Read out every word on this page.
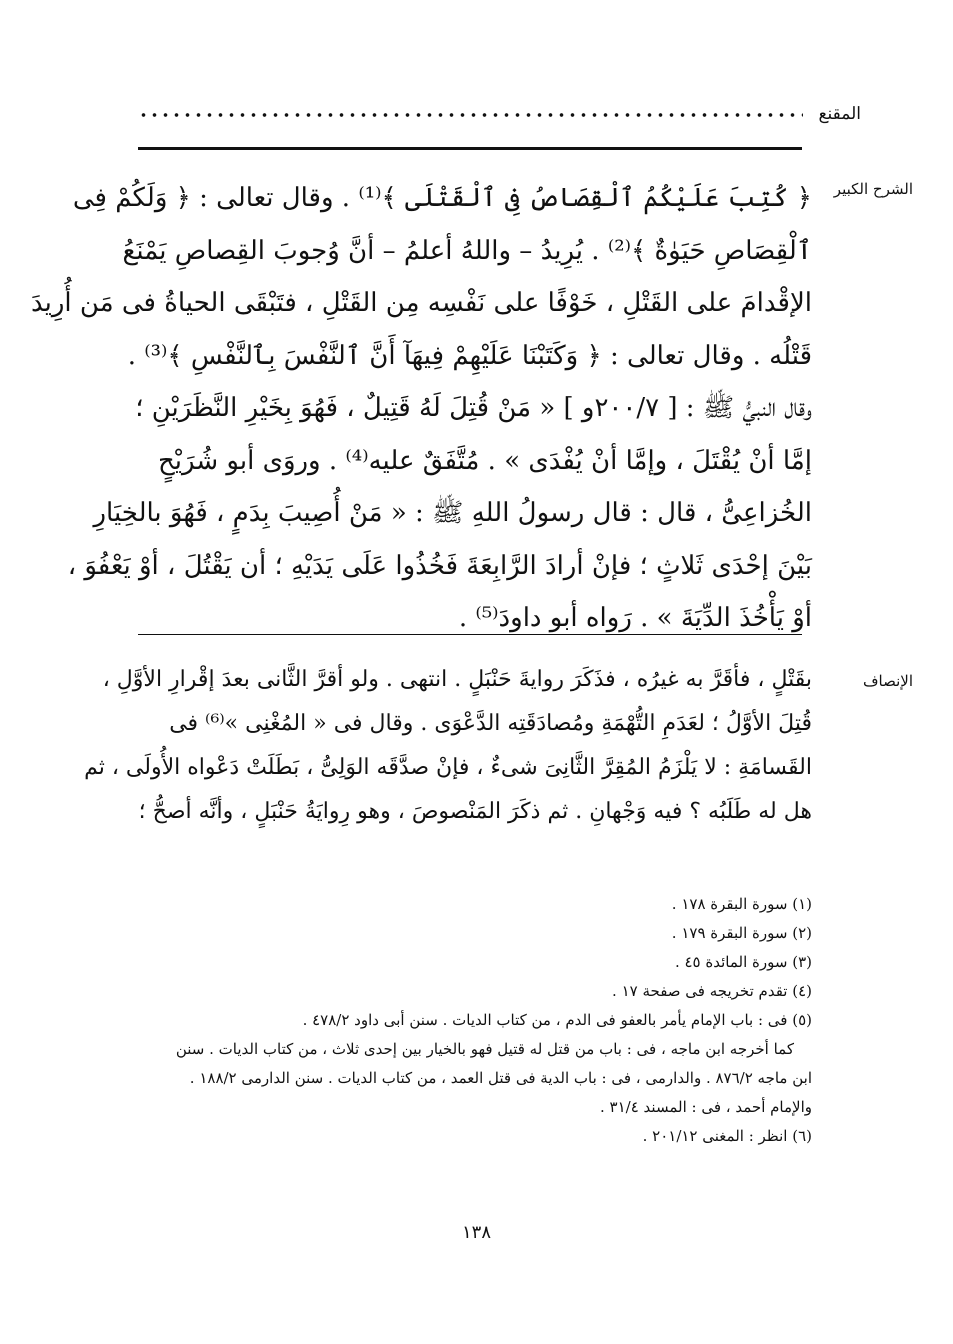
المقنع
الشرح الكبير
﴿ كُتِبَ عَلَيْكُمُ ٱلْقِصَاصُ فِى ٱلْقَتْلَى ﴾⁽¹⁾ . وقال تعالى : ﴿ وَلَكُمْ فِى
ٱلْقِصَاصِ حَيَوٰةٌ ﴾⁽²⁾ . يُرِيدُ – واللهُ أعلمُ – أنَّ وُجوبَ القِصاصِ يَمْنَعُ
الإقْدامَ على القَتْلِ ، خَوْفًا على نَفْسِه مِن القَتْلِ ، فتَبْقَى الحياةُ فى مَن أُرِيدَ
قَتْلُه . وقال تعالى : ﴿ وَكَتَبْنَا عَلَيْهِمْ فِيهَآ أَنَّ ٱلنَّفْسَ بِٱلنَّفْسِ ﴾⁽³⁾ .
وقال النبيُّ ﷺ : [ ٢٠٠/٧و ] « مَنْ قُتِلَ لَهُ قَتِيلٌ ، فَهُوَ بِخَيْرِ النَّظَرَيْنِ ؛
إمَّا أنْ يُقْتَلَ ، وإمَّا أنْ يُفْدَى » . مُتَّفَقٌ عليه⁽⁴⁾ . وروَى أبو شُرَيْحٍ
الخُزاعِىُّ ، قال : قال رسولُ اللهِ ﷺ : « مَنْ أُصِيبَ بِدَمٍ ، فَهُوَ بالخِيَارِ
بَيْنَ إحْدَى ثَلاثٍ ؛ فإنْ أرادَ الرَّابِعَةَ فَخُذُوا عَلَى يَدَيْهِ ؛ أن يَقْتُلَ ، أوْ يَعْفُوَ ،
أوْ يَأْخُذَ الدِّيَةَ » . رَواه أبو داودَ⁽⁵⁾ .
الإنصاف
بقَتْلٍ ، فأقَرَّ به غيرُه ، فذَكَرَ روايةَ حَنْبَلٍ . انتهى . ولو أقرَّ الثَّانى بعدَ إقْرارِ الأوَّلِ ،
قُتِلَ الأوَّلُ ؛ لعَدَمِ التُّهْمَةِ ومُصادَقَتِه الدَّعْوَى . وقال فى « المُغْنِى »⁽⁶⁾ فى
القَسامَةِ : لا يَلْزَمُ المُقِرَّ الثَّانِىَ شىءٌ ، فإنْ صدَّقَه الوَلِىُّ ، بَطَلَتْ دَعْواه الأُولَى ، ثم
هل له طَلَبُه ؟ فيه وَجْهانِ . ثم ذكَرَ المَنْصوصَ ، وهو رِوايَةُ حَنْبَلٍ ، وأنَّه أصحُّ ؛
(١) سورة البقرة ١٧٨ .
(٢) سورة البقرة ١٧٩ .
(٣) سورة المائدة ٤٥ .
(٤) تقدم تخريجه فى صفحة ١٧ .
(٥) فى : باب الإمام يأمر بالعفو فى الدم ، من كتاب الديات . سنن أبى داود ٤٧٨/٢ .
كما أخرجه ابن ماجه ، فى : باب من قتل له قتيل فهو بالخيار بين إحدى ثلاث ، من كتاب الديات . سنن
ابن ماجه ٨٧٦/٢ . والدارمى ، فى : باب الدية فى قتل العمد ، من كتاب الديات . سنن الدارمى ١٨٨/٢ .
والإمام أحمد ، فى : المسند ٣١/٤ .
(٦) انظر : المغنى ٢٠١/١٢ .
١٣٨
